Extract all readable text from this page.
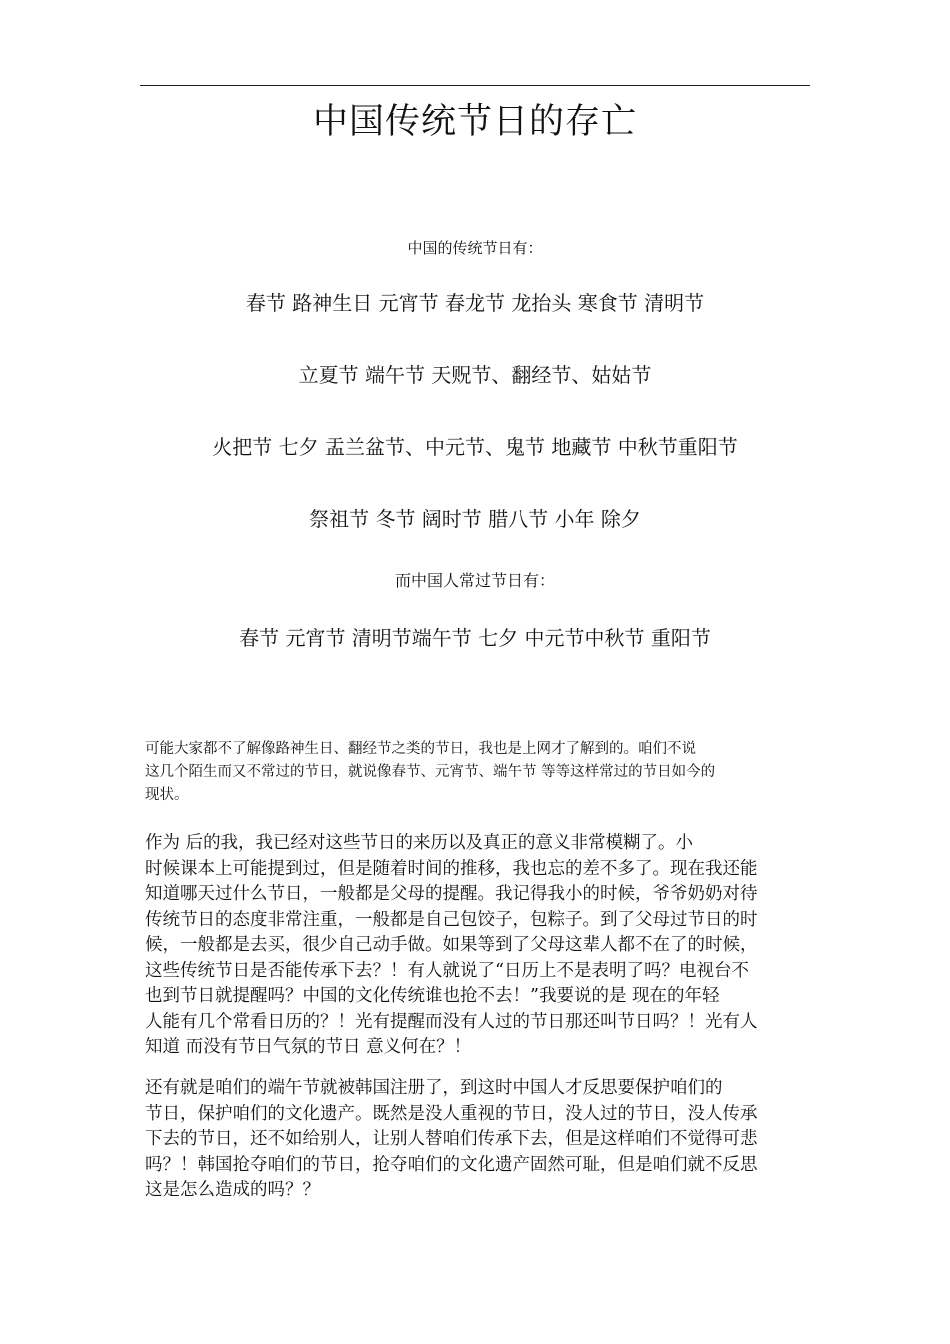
中国传统节日的存亡
中国的传统节日有：
春节 路神生日 元宵节 春龙节 龙抬头 寒食节 清明节
立夏节 端午节 天贶节、翻经节、姑姑节
火把节 七夕 盂兰盆节、中元节、鬼节 地藏节 中秋节重阳节
祭祖节 冬节 阔时节 腊八节 小年 除夕
而中国人常过节日有：
春节 元宵节 清明节端午节 七夕 中元节中秋节 重阳节
可能大家都不了解像路神生日、翻经节之类的节日，我也是上网才了解到的。咱们不说
这几个陌生而又不常过的节日，就说像春节、元宵节、端午节 等等这样常过的节日如今的
现状。
作为 后的我，我已经对这些节日的来历以及真正的意义非常模糊了。小
时候课本上可能提到过，但是随着时间的推移，我也忘的差不多了。现在我还能
知道哪天过什么节日，一般都是父母的提醒。我记得我小的时候，爷爷奶奶对待
传统节日的态度非常注重，一般都是自己包饺子，包粽子。到了父母过节日的时
候，一般都是去买，很少自己动手做。如果等到了父母这辈人都不在了的时候，
这些传统节日是否能传承下去？！有人就说了“日历上不是表明了吗？电视台不
也到节日就提醒吗？中国的文化传统谁也抢不去！”我要说的是 现在的年轻
人能有几个常看日历的？！光有提醒而没有人过的节日那还叫节日吗？！光有人
知道 而没有节日气氛的节日 意义何在？！
还有就是咱们的端午节就被韩国注册了，到这时中国人才反思要保护咱们的
节日，保护咱们的文化遗产。既然是没人重视的节日，没人过的节日，没人传承
下去的节日，还不如给别人，让别人替咱们传承下去，但是这样咱们不觉得可悲
吗？！韩国抢夺咱们的节日，抢夺咱们的文化遗产固然可耻，但是咱们就不反思
这是怎么造成的吗？？
